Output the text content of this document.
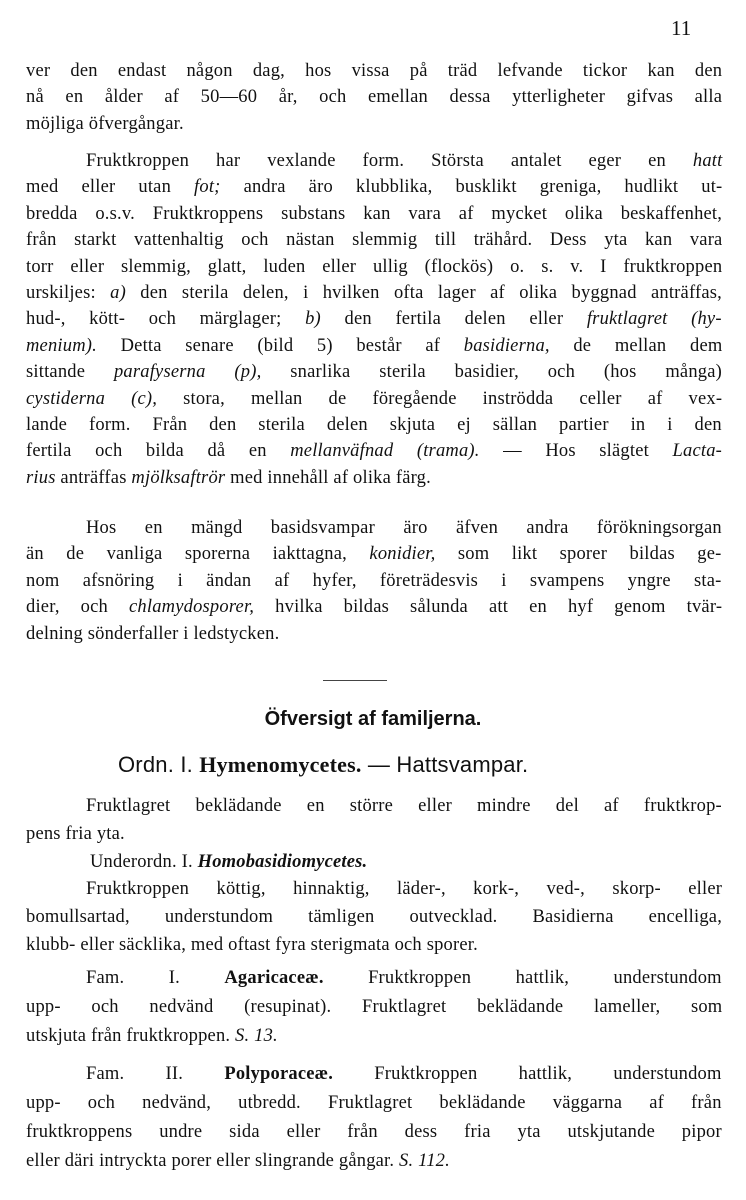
11
ver den endast någon dag, hos vissa på träd lefvande tickor kan den
nå en ålder af 50—60 år, och emellan dessa ytterligheter gifvas alla
möjliga öfvergångar.
Fruktkroppen har vexlande form. Största antalet eger en hatt
med eller utan fot; andra äro klubblika, busklikt greniga, hudlikt ut-
bredda o.s.v. Fruktkroppens substans kan vara af mycket olika beskaffenhet,
från starkt vattenhaltig och nästan slemmig till trähård. Dess yta kan vara
torr eller slemmig, glatt, luden eller ullig (flockös) o. s. v. I fruktkroppen
urskiljes: a) den sterila delen, i hvilken ofta lager af olika byggnad anträffas,
hud-, kött- och märglager; b) den fertila delen eller fruktlagret (hy-
menium). Detta senare (bild 5) består af basidierna, de mellan dem
sittande parafyserna (p), snarlika sterila basidier, och (hos många)
cystiderna (c), stora, mellan de föregående inströdda celler af vex-
lande form. Från den sterila delen skjuta ej sällan partier in i den
fertila och bilda då en mellanväfnad (trama). — Hos slägtet Lacta-
rius anträffas mjölksaftrör med innehåll af olika färg.
Hos en mängd basidsvampar äro äfven andra förökningsorgan
än de vanliga sporerna iakttagna, konidier, som likt sporer bildas ge-
nom afsnöring i ändan af hyfer, företrädesvis i svampens yngre sta-
dier, och chlamydosporer, hvilka bildas sålunda att en hyf genom tvär-
delning sönderfaller i ledstycken.
Ordn. I. Hymenomycetes. — Hattsvampar.
Fruktlagret beklädande en större eller mindre del af fruktkrop-
pens fria yta.
Underordn. I. Homobasidiomycetes.
Fruktkroppen köttig, hinnaktig, läder-, kork-, ved-, skorp- eller
bomullsartad, understundom tämligen outvecklad. Basidierna encelliga,
klubb- eller säcklika, med oftast fyra sterigmata och sporer.
Fam. I. Agaricaceæ. Fruktkroppen hattlik, understundom
upp- och nedvänd (resupinat). Fruktlagret beklädande lameller, som
utskjuta från fruktkroppen. S. 13.
Fam. II. Polyporaceæ. Fruktkroppen hattlik, understundom
upp- och nedvänd, utbredd. Fruktlagret beklädande väggarna af från
fruktkroppens undre sida eller från dess fria yta utskjutande pipor
eller däri intryckta porer eller slingrande gångar. S. 112.
Öfversigt af familjerna.
